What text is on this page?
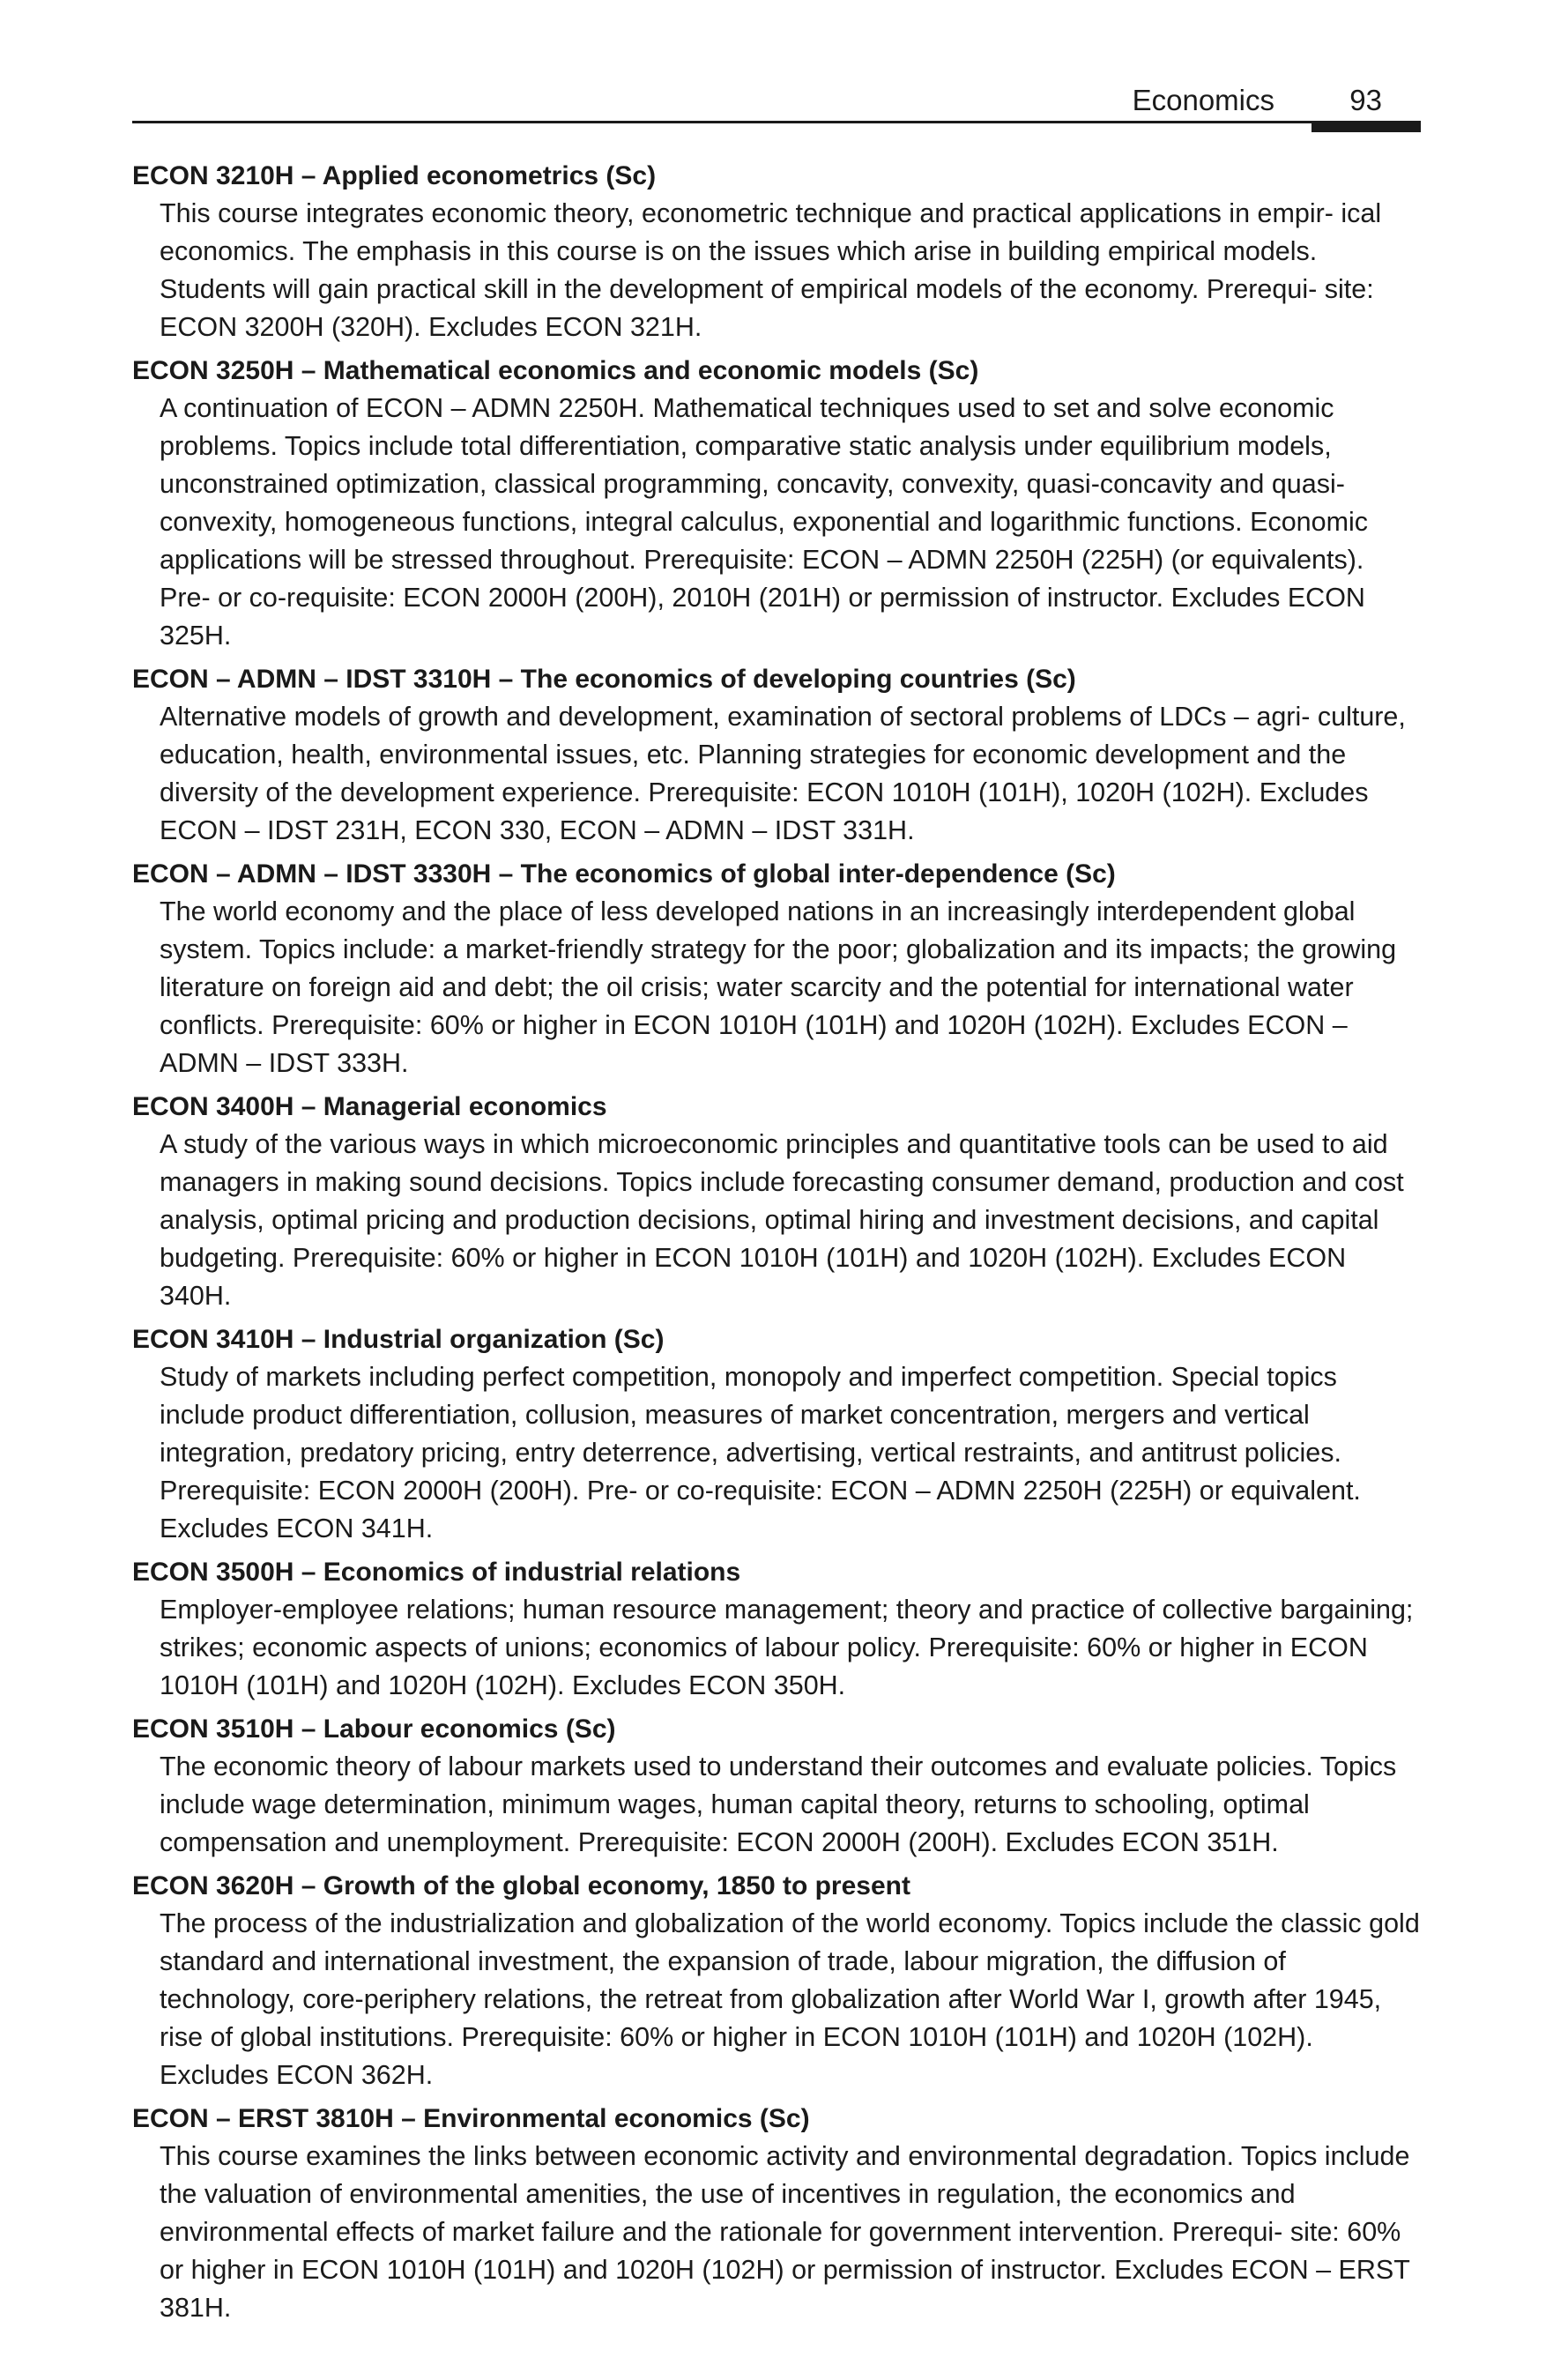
Economics	93
ECON 3210H – Applied econometrics (Sc)
This course integrates economic theory, econometric technique and practical applications in empir- ical economics. The emphasis in this course is on the issues which arise in building empirical models. Students will gain practical skill in the development of empirical models of the economy. Prerequi- site: ECON 3200H (320H). Excludes ECON 321H.
ECON 3250H – Mathematical economics and economic models (Sc)
A continuation of ECON – ADMN 2250H. Mathematical techniques used to set and solve economic problems. Topics include total differentiation, comparative static analysis under equilibrium models, unconstrained optimization, classical programming, concavity, convexity, quasi-concavity and quasi-convexity, homogeneous functions, integral calculus, exponential and logarithmic functions. Economic applications will be stressed throughout. Prerequisite: ECON – ADMN 2250H (225H) (or equivalents). Pre- or co-requisite: ECON 2000H (200H), 2010H (201H) or permission of instructor. Excludes ECON 325H.
ECON – ADMN – IDST 3310H – The economics of developing countries (Sc)
Alternative models of growth and development, examination of sectoral problems of LDCs – agri- culture, education, health, environmental issues, etc. Planning strategies for economic development and the diversity of the development experience. Prerequisite: ECON 1010H (101H), 1020H (102H). Excludes ECON – IDST 231H, ECON 330, ECON – ADMN – IDST 331H.
ECON – ADMN – IDST 3330H – The economics of global inter-dependence (Sc)
The world economy and the place of less developed nations in an increasingly interdependent global system. Topics include: a market-friendly strategy for the poor; globalization and its impacts; the growing literature on foreign aid and debt; the oil crisis; water scarcity and the potential for international water conflicts. Prerequisite: 60% or higher in ECON 1010H (101H) and 1020H (102H). Excludes ECON – ADMN – IDST 333H.
ECON 3400H – Managerial economics
A study of the various ways in which microeconomic principles and quantitative tools can be used to aid managers in making sound decisions. Topics include forecasting consumer demand, production and cost analysis, optimal pricing and production decisions, optimal hiring and investment decisions, and capital budgeting. Prerequisite: 60% or higher in ECON 1010H (101H) and 1020H (102H). Excludes ECON 340H.
ECON 3410H – Industrial organization (Sc)
Study of markets including perfect competition, monopoly and imperfect competition. Special topics include product differentiation, collusion, measures of market concentration, mergers and vertical integration, predatory pricing, entry deterrence, advertising, vertical restraints, and antitrust policies. Prerequisite: ECON 2000H (200H). Pre- or co-requisite: ECON – ADMN 2250H (225H) or equivalent. Excludes ECON 341H.
ECON 3500H – Economics of industrial relations
Employer-employee relations; human resource management; theory and practice of collective bargaining; strikes; economic aspects of unions; economics of labour policy. Prerequisite: 60% or higher in ECON 1010H (101H) and 1020H (102H). Excludes ECON 350H.
ECON 3510H – Labour economics (Sc)
The economic theory of labour markets used to understand their outcomes and evaluate policies. Topics include wage determination, minimum wages, human capital theory, returns to schooling, optimal compensation and unemployment. Prerequisite: ECON 2000H (200H). Excludes ECON 351H.
ECON 3620H – Growth of the global economy, 1850 to present
The process of the industrialization and globalization of the world economy. Topics include the classic gold standard and international investment, the expansion of trade, labour migration, the diffusion of technology, core-periphery relations, the retreat from globalization after World War I, growth after 1945, rise of global institutions. Prerequisite: 60% or higher in ECON 1010H (101H) and 1020H (102H). Excludes ECON 362H.
ECON – ERST 3810H – Environmental economics (Sc)
This course examines the links between economic activity and environmental degradation. Topics include the valuation of environmental amenities, the use of incentives in regulation, the economics and environmental effects of market failure and the rationale for government intervention. Prerequi- site: 60% or higher in ECON 1010H (101H) and 1020H (102H) or permission of instructor. Excludes ECON – ERST 381H.
